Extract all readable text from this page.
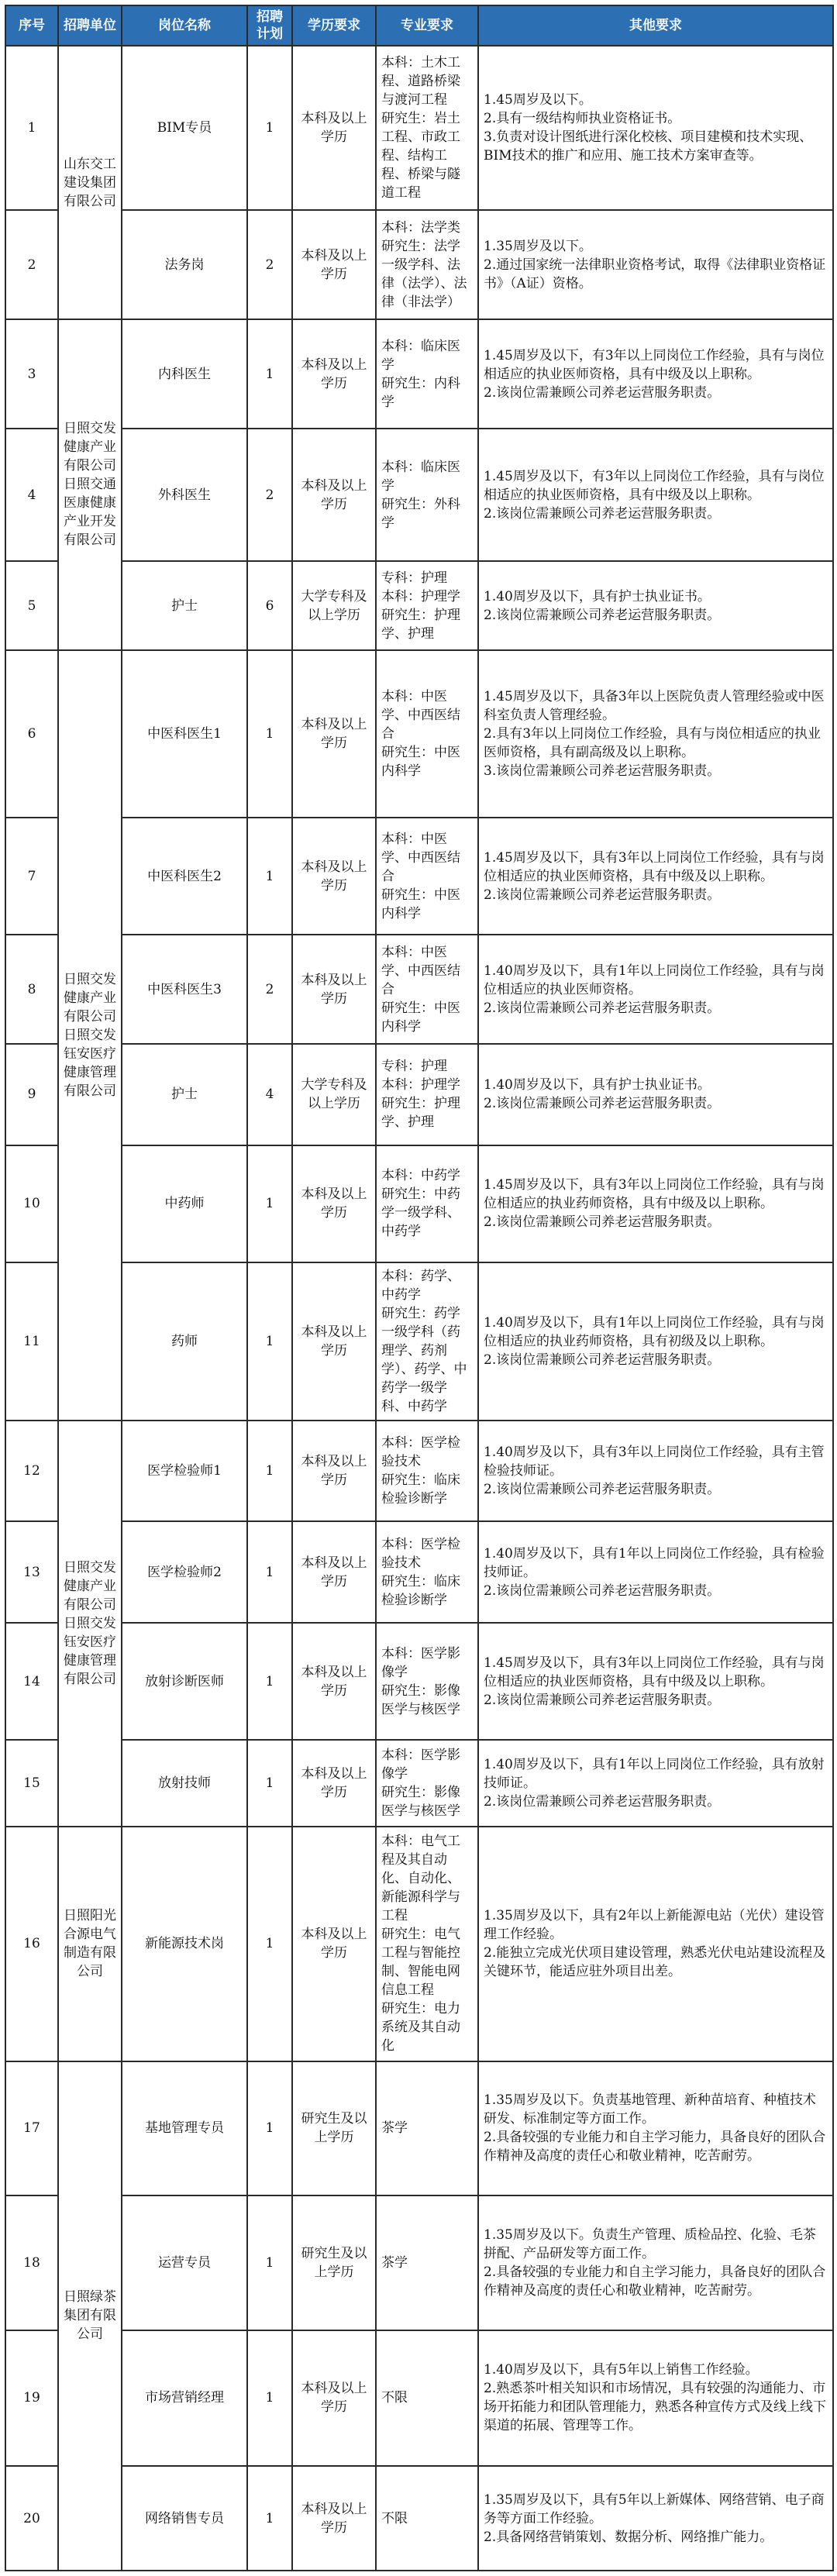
序号	招聘单位	岗位名称	招聘计划	学历要求	专业要求	其他要求
1	山东交工建设集团有限公司	BIM专员	1	本科及以上学历	本科：土木工程、道路桥梁与渡河工程
研究生：岩土工程、市政工程、结构工程、桥梁与隧道工程	1.45周岁及以下。
2.具有一级结构师执业资格证书。
3.负责对设计图纸进行深化校核、项目建模和技术实现、BIM技术的推广和应用、施工技术方案审查等。

2		法务岗	2	本科及以上学历	本科：法学类
研究生：法学一级学科、法律（法学）、法律（非法学）	1.35周岁及以下。
2.通过国家统一法律职业资格考试，取得《法律职业资格证书》（A证）资格。

3	日照交发健康产业有限公司日照交通医康健康产业开发有限公司	内科医生	1	本科及以上学历	本科：临床医学
研究生：内科学	1.45周岁及以下，有3年以上同岗位工作经验，具有与岗位相适应的执业医师资格，具有中级及以上职称。
2.该岗位需兼顾公司养老运营服务职责。

4		外科医生	2	本科及以上学历	本科：临床医学
研究生：外科学	1.45周岁及以下，有3年以上同岗位工作经验，具有与岗位相适应的执业医师资格，具有中级及以上职称。
2.该岗位需兼顾公司养老运营服务职责。

5		护士	6	大学专科及以上学历	专科：护理
本科：护理学
研究生：护理学、护理	1.40周岁及以下，具有护士执业证书。
2.该岗位需兼顾公司养老运营服务职责。

6	日照交发健康产业有限公司日照交发钰安医疗健康管理有限公司	中医科医生1	1	本科及以上学历	本科：中医学、中西医结合
研究生：中医内科学	1.45周岁及以下，具备3年以上医院负责人管理经验或中医科室负责人管理经验。
2.具有3年以上同岗位工作经验，具有与岗位相适应的执业医师资格，具有副高级及以上职称。
3.该岗位需兼顾公司养老运营服务职责。

7		中医科医生2	1	本科及以上学历	本科：中医学、中西医结合
研究生：中医内科学	1.45周岁及以下，具有3年以上同岗位工作经验，具有与岗位相适应的执业医师资格，具有中级及以上职称。
2.该岗位需兼顾公司养老运营服务职责。

8		中医科医生3	2	本科及以上学历	本科：中医学、中西医结合
研究生：中医内科学	1.40周岁及以下，具有1年以上同岗位工作经验，具有与岗位相适应的执业医师资格。
2.该岗位需兼顾公司养老运营服务职责。

9		护士	4	大学专科及以上学历	专科：护理
本科：护理学
研究生：护理学、护理	1.40周岁及以下，具有护士执业证书。
2.该岗位需兼顾公司养老运营服务职责。

10		中药师	1	本科及以上学历	本科：中药学
研究生：中药学一级学科、中药学	1.45周岁及以下，具有3年以上同岗位工作经验，具有与岗位相适应的执业药师资格，具有中级及以上职称。
2.该岗位需兼顾公司养老运营服务职责。

11		药师	1	本科及以上学历	本科：药学、中药学
研究生：药学一级学科（药理学、药剂学）、药学、中药学一级学科、中药学	1.40周岁及以下，具有1年以上同岗位工作经验，具有与岗位相适应的执业药师资格，具有初级及以上职称。
2.该岗位需兼顾公司养老运营服务职责。

12	日照交发健康产业有限公司日照交发钰安医疗健康管理有限公司	医学检验师1	1	本科及以上学历	本科：医学检验技术
研究生：临床检验诊断学	1.40周岁及以下，具有3年以上同岗位工作经验，具有主管检验技师证。
2.该岗位需兼顾公司养老运营服务职责。

13		医学检验师2	1	本科及以上学历	本科：医学检验技术
研究生：临床检验诊断学	1.40周岁及以下，具有1年以上同岗位工作经验，具有检验技师证。
2.该岗位需兼顾公司养老运营服务职责。

14		放射诊断医师	1	本科及以上学历	本科：医学影像学
研究生：影像医学与核医学	1.45周岁及以下，具有3年以上同岗位工作经验，具有与岗位相适应的执业医师资格，具有中级及以上职称。
2.该岗位需兼顾公司养老运营服务职责。

15		放射技师	1	本科及以上学历	本科：医学影像学
研究生：影像医学与核医学	1.40周岁及以下，具有1年以上同岗位工作经验，具有放射技师证。
2.该岗位需兼顾公司养老运营服务职责。

16	日照阳光合源电气制造有限公司	新能源技术岗	1	本科及以上学历	本科：电气工程及其自动化、自动化、新能源科学与工程
研究生：电气工程与智能控制、智能电网信息工程
研究生：电力系统及其自动化	1.35周岁及以下，具有2年以上新能源电站（光伏）建设管理工作经验。
2.能独立完成光伏项目建设管理，熟悉光伏电站建设流程及关键环节，能适应驻外项目出差。

17	日照绿茶集团有限公司	基地管理专员	1	研究生及以上学历	茶学	1.35周岁及以下。负责基地管理、新种苗培育、种植技术研发、标准制定等方面工作。
2.具备较强的专业能力和自主学习能力，具备良好的团队合作精神及高度的责任心和敬业精神，吃苦耐劳。

18		运营专员	1	研究生及以上学历	茶学	1.35周岁及以下。负责生产管理、质检品控、化验、毛茶拼配、产品研发等方面工作。
2.具备较强的专业能力和自主学习能力，具备良好的团队合作精神及高度的责任心和敬业精神，吃苦耐劳。

19		市场营销经理	1	本科及以上学历	不限	1.40周岁及以下，具有5年以上销售工作经验。
2.熟悉茶叶相关知识和市场情况，具有较强的沟通能力、市场开拓能力和团队管理能力，熟悉各种宣传方式及线上线下渠道的拓展、管理等工作。

20		网络销售专员	1	本科及以上学历	不限	1.35周岁及以下，具有5年以上新媒体、网络营销、电子商务等方面工作经验。
2.具备网络营销策划、数据分析、网络推广能力。
